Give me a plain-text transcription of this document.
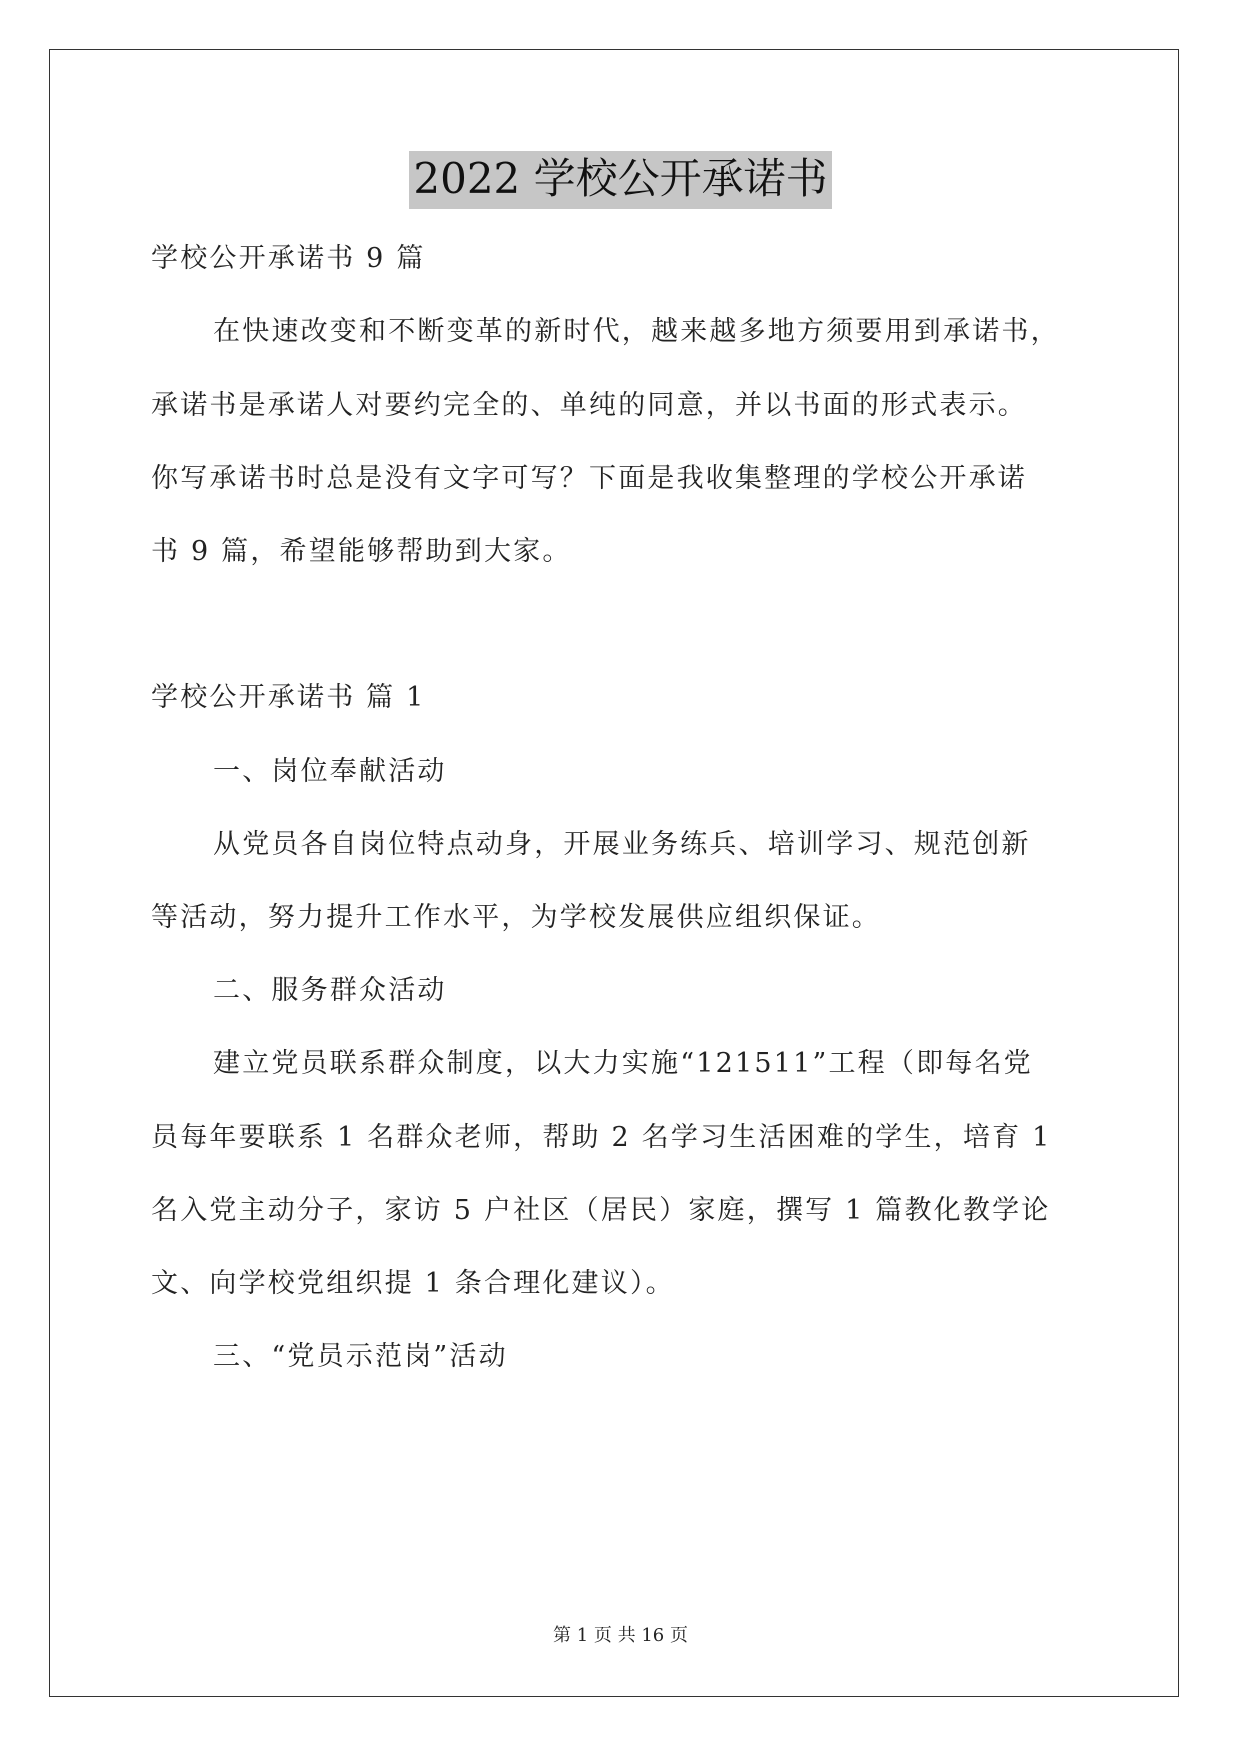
2022 学校公开承诺书
学校公开承诺书 9 篇
在快速改变和不断变革的新时代，越来越多地方须要用到承诺书，
承诺书是承诺人对要约完全的、单纯的同意，并以书面的形式表示。
你写承诺书时总是没有文字可写？下面是我收集整理的学校公开承诺
书 9 篇，希望能够帮助到大家。
学校公开承诺书 篇 1
一、岗位奉献活动
从党员各自岗位特点动身，开展业务练兵、培训学习、规范创新
等活动，努力提升工作水平，为学校发展供应组织保证。
二、服务群众活动
建立党员联系群众制度，以大力实施“121511”工程（即每名党
员每年要联系 1 名群众老师，帮助 2 名学习生活困难的学生，培育 1
名入党主动分子，家访 5 户社区（居民）家庭，撰写 1 篇教化教学论
文、向学校党组织提 1 条合理化建议）。
三、“党员示范岗”活动
第 1 页 共 16 页
